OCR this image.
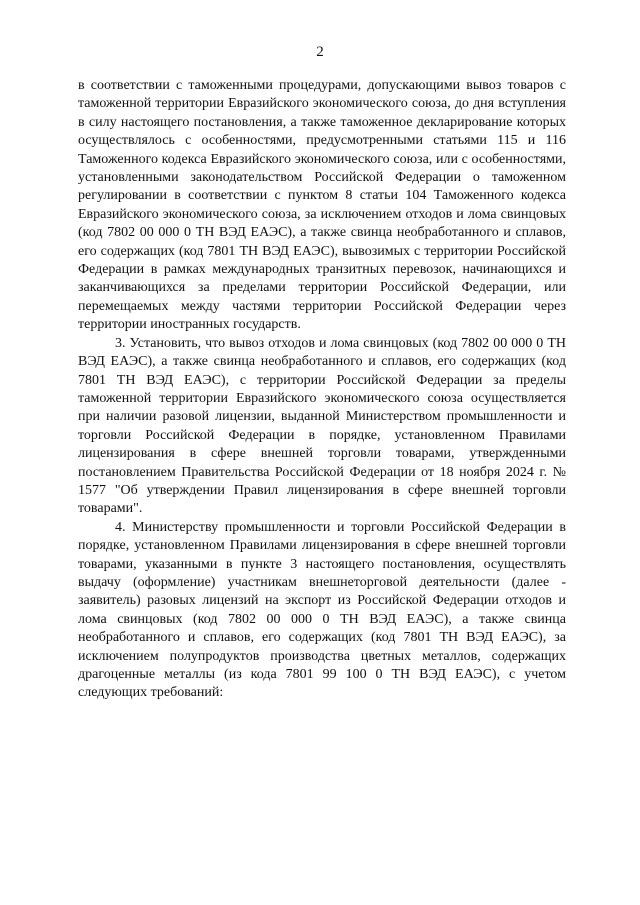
2

в соответствии с таможенными процедурами, допускающими вывоз товаров с таможенной территории Евразийского экономического союза, до дня вступления в силу настоящего постановления, а также таможенное декларирование которых осуществлялось с особенностями, предусмотренными статьями 115 и 116 Таможенного кодекса Евразийского экономического союза, или с особенностями, установленными законодательством Российской Федерации о таможенном регулировании в соответствии с пунктом 8 статьи 104 Таможенного кодекса Евразийского экономического союза, за исключением отходов и лома свинцовых (код 7802 00 000 0 ТН ВЭД ЕАЭС), а также свинца необработанного и сплавов, его содержащих (код 7801 ТН ВЭД ЕАЭС), вывозимых с территории Российской Федерации в рамках международных транзитных перевозок, начинающихся и заканчивающихся за пределами территории Российской Федерации, или перемещаемых между частями территории Российской Федерации через территории иностранных государств.

3. Установить, что вывоз отходов и лома свинцовых (код 7802 00 000 0 ТН ВЭД ЕАЭС), а также свинца необработанного и сплавов, его содержащих (код 7801 ТН ВЭД ЕАЭС), с территории Российской Федерации за пределы таможенной территории Евразийского экономического союза осуществляется при наличии разовой лицензии, выданной Министерством промышленности и торговли Российской Федерации в порядке, установленном Правилами лицензирования в сфере внешней торговли товарами, утвержденными постановлением Правительства Российской Федерации от 18 ноября 2024 г. № 1577 "Об утверждении Правил лицензирования в сфере внешней торговли товарами".

4. Министерству промышленности и торговли Российской Федерации в порядке, установленном Правилами лицензирования в сфере внешней торговли товарами, указанными в пункте 3 настоящего постановления, осуществлять выдачу (оформление) участникам внешнеторговой деятельности (далее - заявитель) разовых лицензий на экспорт из Российской Федерации отходов и лома свинцовых (код 7802 00 000 0 ТН ВЭД ЕАЭС), а также свинца необработанного и сплавов, его содержащих (код 7801 ТН ВЭД ЕАЭС), за исключением полупродуктов производства цветных металлов, содержащих драгоценные металлы (из кода 7801 99 100 0 ТН ВЭД ЕАЭС), с учетом следующих требований:
